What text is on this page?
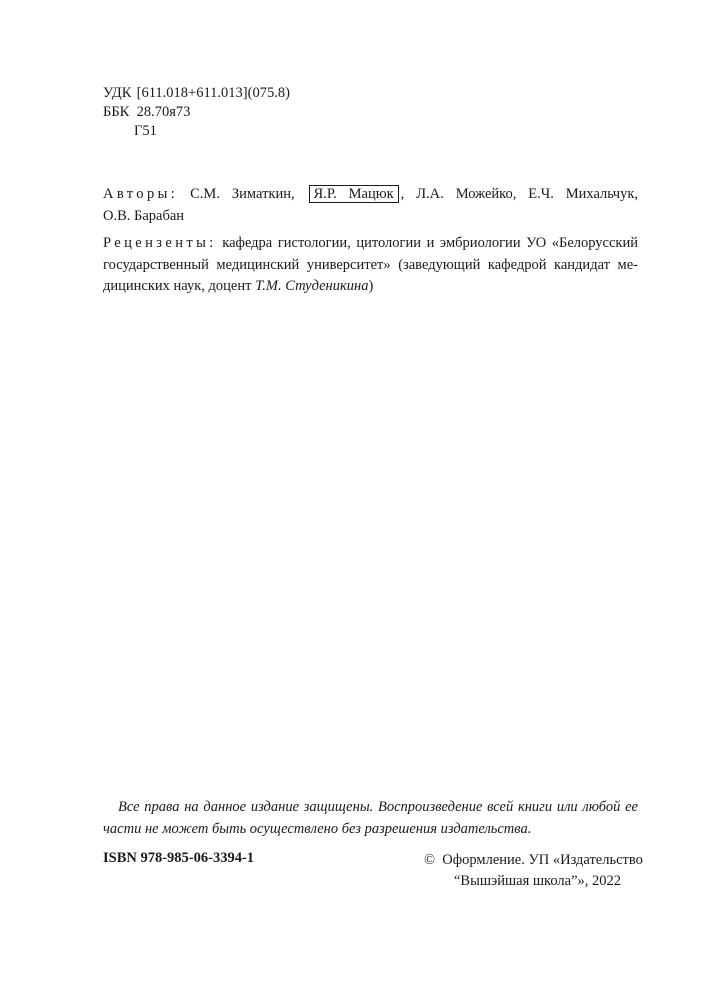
УДК
[611.018+611.013](075.8)
ББК
28.70я73
Г51
Авторы: С.М. Зиматкин, Я.Р. Мацюк , Л.А. Можейко, Е.Ч. Михальчук,
О.В. Барабан
Рецензенты: кафедра гистологии, цитологии и эмбриологии УО «Белорусский
государственный медицинский университет» (заведующий кафедрой кандидат ме-
дицинских наук, доцент Т.М. Студеникина)
Все права на данное издание защищены. Воспроизведение всей книги или любой ее
части не может быть осуществлено без разрешения издательства.
ISBN 978-985-06-3394-1	© Оформление. УП «Издательство
“Вышэйшая школа”», 2022
